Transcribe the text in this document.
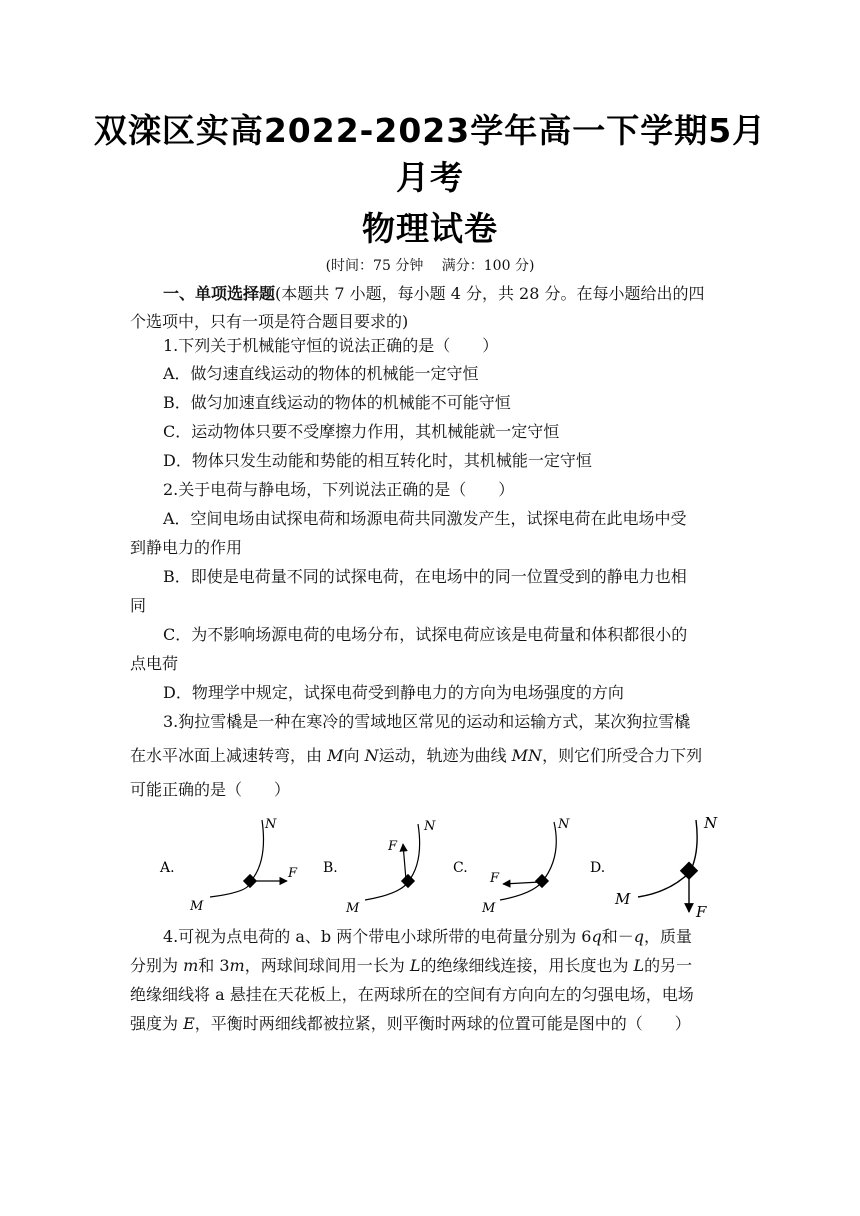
双滦区实高2022-2023学年高一下学期5月
月考
物理试卷
(时间：75 分钟　 满分：100 分)
一、单项选择题(本题共 7 小题，每小题 4 分，共 28 分。在每小题给出的四
个选项中，只有一项是符合题目要求的)
1.下列关于机械能守恒的说法正确的是（　　）
A．做匀速直线运动的物体的机械能一定守恒
B．做匀加速直线运动的物体的机械能不可能守恒
C．运动物体只要不受摩擦力作用，其机械能就一定守恒
D．物体只发生动能和势能的相互转化时，其机械能一定守恒
2.关于电荷与静电场，下列说法正确的是（　　）
A．空间电场由试探电荷和场源电荷共同激发产生，试探电荷在此电场中受
到静电力的作用
B．即使是电荷量不同的试探电荷，在电场中的同一位置受到的静电力也相
同
C．为不影响场源电荷的电场分布，试探电荷应该是电荷量和体积都很小的
点电荷
D．物理学中规定，试探电荷受到静电力的方向为电场强度的方向
3.狗拉雪橇是一种在寒冷的雪域地区常见的运动和运输方式，某次狗拉雪橇
在水平冰面上减速转弯，由 M向 N运动，轨迹为曲线 MN，则它们所受合力下列
可能正确的是（　　）
A.
M
N
F B.
M
N
F
C.
M
N
F
D.
M
N
F
4.可视为点电荷的 a、b 两个带电小球所带的电荷量分别为 6q和－q，质量
分别为 m和 3m，两球间球间用一长为 L的绝缘细线连接，用长度也为 L的另一
绝缘细线将 a 悬挂在天花板上，在两球所在的空间有方向向左的匀强电场，电场
强度为 E，平衡时两细线都被拉紧，则平衡时两球的位置可能是图中的（　　）
